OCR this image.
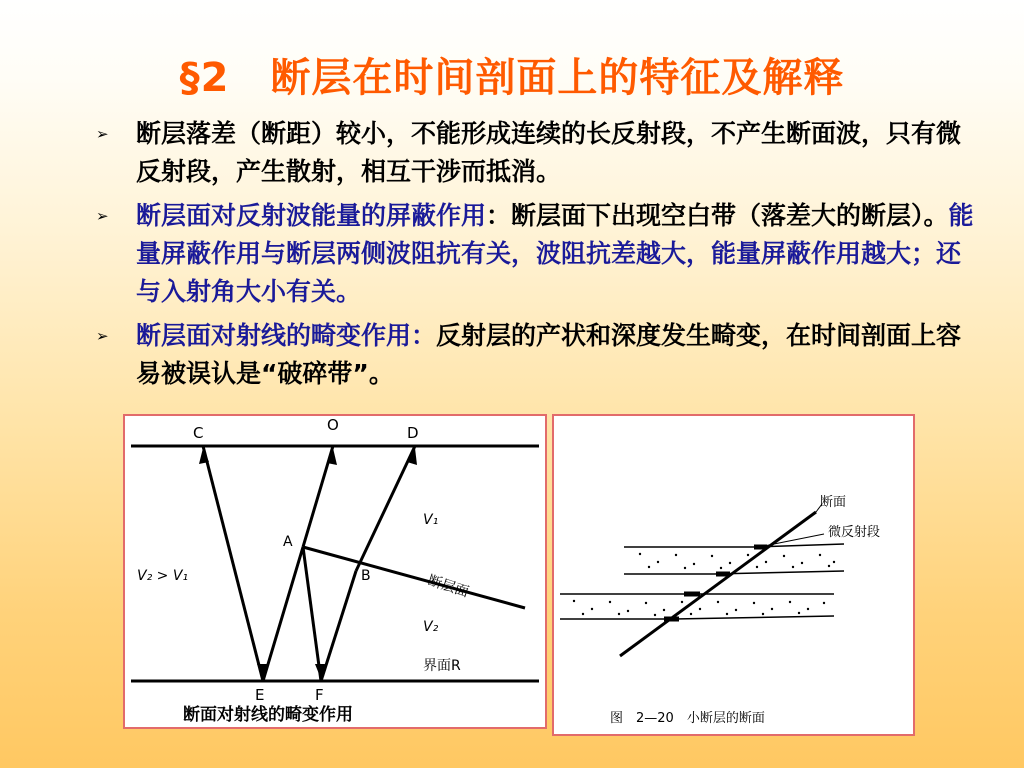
§2　断层在时间剖面上的特征及解释
➢ 断层落差（断距）较小，不能形成连续的长反射段，不产生断面波，只有微反射段，产生散射，相互干涉而抵消。
➢ 断层面对反射波能量的屏蔽作用：断层面下出现空白带（落差大的断层）。能量屏蔽作用与断层两侧波阻抗有关，波阻抗差越大，能量屏蔽作用越大；还与入射角大小有关。
➢ 断层面对射线的畸变作用：反射层的产状和深度发生畸变，在时间剖面上容易被误认是“破碎带”。
C	O	D
A
B
E	F
V₁
V₂
V₂ > V₁	断层面
界面R
断面对射线的畸变作用
断面
微反射段
图　2—20　小断层的断面
